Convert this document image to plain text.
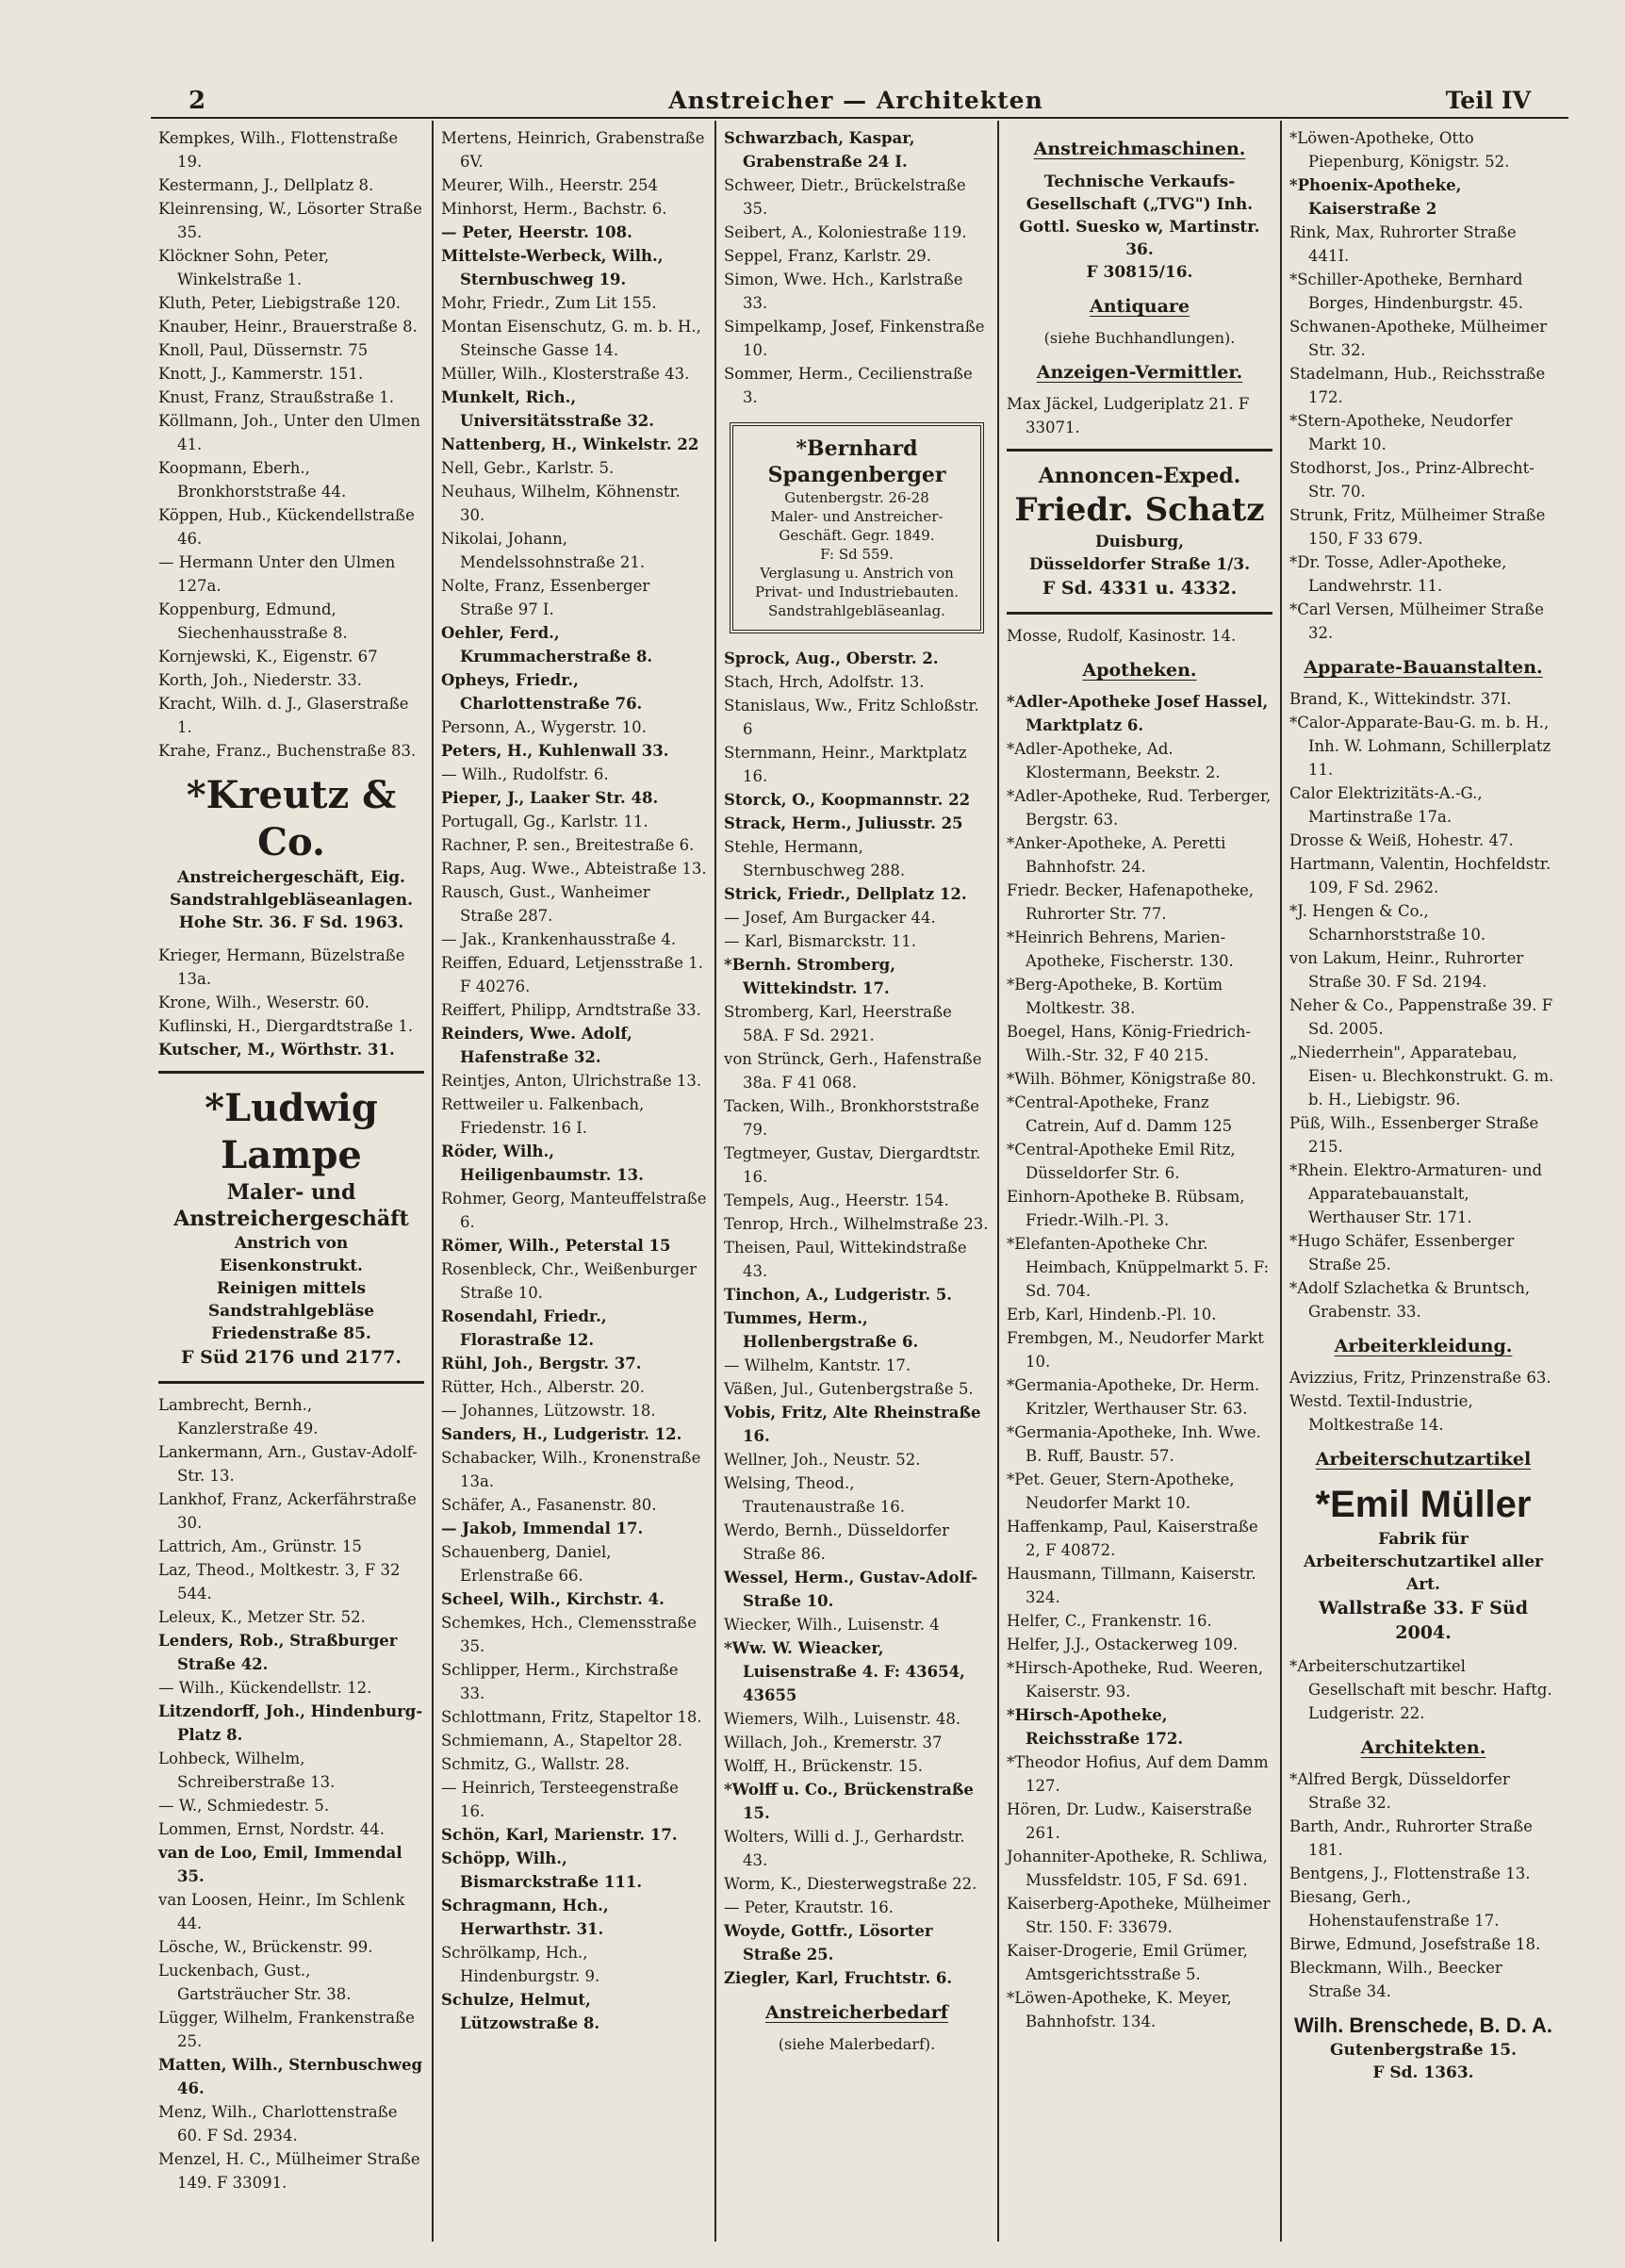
2	Anstreicher — Architekten	Teil IV

Kempkes, Wilh., Flottenstraße 19.

Kestermann, J., Dellplatz 8.

Kleinrensing, W., Lösorter Straße 35.

Klöckner Sohn, Peter, Winkelstraße 1.

Kluth, Peter, Liebigstraße 120.

Knauber, Heinr., Brauerstraße 8.

Knoll, Paul, Düssernstr. 75

Knott, J., Kammerstr. 151.

Knust, Franz, Straußstraße 1.

Köllmann, Joh., Unter den Ulmen 41.

Koopmann, Eberh., Bronkhorststraße 44.

Köppen, Hub., Kückendellstraße 46.

— Hermann Unter den Ulmen 127a.

Koppenburg, Edmund, Siechenhausstraße 8.

Kornjewski, K., Eigenstr. 67

Korth, Joh., Niederstr. 33.

Kracht, Wilh. d. J., Glaserstraße 1.

Krahe, Franz., Buchenstraße 83.

*Kreutz & Co.
Anstreichergeschäft, Eig.
Sandstrahlgebläseanlagen.
Hohe Str. 36. F Sd. 1963.

Krieger, Hermann, Büzelstraße 13a.

Krone, Wilh., Weserstr. 60.

Kuflinski, H., Diergardtstraße 1.

Kutscher, M., Wörthstr. 31.

*Ludwig Lampe
Maler- und
Anstreichergeschäft
Anstrich von Eisenkonstrukt.
Reinigen mittels Sandstrahlgebläse
Friedenstraße 85.
F Süd 2176 und 2177.

Lambrecht, Bernh., Kanzlerstraße 49.

Lankermann, Arn., Gustav-Adolf-Str. 13.

Lankhof, Franz, Ackerfährstraße 30.

Lattrich, Am., Grünstr. 15

Laz, Theod., Moltkestr. 3, F 32 544.

Leleux, K., Metzer Str. 52.

Lenders, Rob., Straßburger Straße 42.

— Wilh., Kückendellstr. 12.

Litzendorff, Joh., Hindenburg-Platz 8.

Lohbeck, Wilhelm, Schreiberstraße 13.

— W., Schmiedestr. 5.

Lommen, Ernst, Nordstr. 44.

van de Loo, Emil, Immendal 35.

van Loosen, Heinr., Im Schlenk 44.

Lösche, W., Brückenstr. 99.

Luckenbach, Gust., Gartsträucher Str. 38.

Lügger, Wilhelm, Frankenstraße 25.

Matten, Wilh., Sternbuschweg 46.

Menz, Wilh., Charlottenstraße 60. F Sd. 2934.

Menzel, H. C., Mülheimer Straße 149. F 33091.

Mertens, Heinrich, Grabenstraße 6V.

Meurer, Wilh., Heerstr. 254

Minhorst, Herm., Bachstr. 6.

— Peter, Heerstr. 108.

Mittelste-Werbeck, Wilh., Sternbuschweg 19.

Mohr, Friedr., Zum Lit 155.

Montan Eisenschutz, G. m. b. H., Steinsche Gasse 14.

Müller, Wilh., Klosterstraße 43.

Munkelt, Rich., Universitätsstraße 32.

Nattenberg, H., Winkelstr. 22

Nell, Gebr., Karlstr. 5.

Neuhaus, Wilhelm, Köhnenstr. 30.

Nikolai, Johann, Mendelssohnstraße 21.

Nolte, Franz, Essenberger Straße 97 I.

Oehler, Ferd., Krummacherstraße 8.

Opheys, Friedr., Charlottenstraße 76.

Personn, A., Wygerstr. 10.

Peters, H., Kuhlenwall 33.

— Wilh., Rudolfstr. 6.

Pieper, J., Laaker Str. 48.

Portugall, Gg., Karlstr. 11.

Rachner, P. sen., Breitestraße 6.

Raps, Aug. Wwe., Abteistraße 13.

Rausch, Gust., Wanheimer Straße 287.

— Jak., Krankenhausstraße 4.

Reiffen, Eduard, Letjensstraße 1. F 40276.

Reiffert, Philipp, Arndtstraße 33.

Reinders, Wwe. Adolf, Hafenstraße 32.

Reintjes, Anton, Ulrichstraße 13.

Rettweiler u. Falkenbach, Friedenstr. 16 I.

Röder, Wilh., Heiligenbaumstr. 13.

Rohmer, Georg, Manteuffelstraße 6.

Römer, Wilh., Peterstal 15

Rosenbleck, Chr., Weißenburger Straße 10.

Rosendahl, Friedr., Florastraße 12.

Rühl, Joh., Bergstr. 37.

Rütter, Hch., Alberstr. 20.

— Johannes, Lützowstr. 18.

Sanders, H., Ludgeristr. 12.

Schabacker, Wilh., Kronenstraße 13a.

Schäfer, A., Fasanenstr. 80.

— Jakob, Immendal 17.

Schauenberg, Daniel, Erlenstraße 66.

Scheel, Wilh., Kirchstr. 4.

Schemkes, Hch., Clemensstraße 35.

Schlipper, Herm., Kirchstraße 33.

Schlottmann, Fritz, Stapeltor 18.

Schmiemann, A., Stapeltor 28.

Schmitz, G., Wallstr. 28.

— Heinrich, Tersteegenstraße 16.

Schön, Karl, Marienstr. 17.

Schöpp, Wilh., Bismarckstraße 111.

Schragmann, Hch., Herwarthstr. 31.

Schrölkamp, Hch., Hindenburgstr. 9.

Schulze, Helmut, Lützowstraße 8.

Schwarzbach, Kaspar, Grabenstraße 24 I.

Schweer, Dietr., Brückelstraße 35.

Seibert, A., Koloniestraße 119.

Seppel, Franz, Karlstr. 29.

Simon, Wwe. Hch., Karlstraße 33.

Simpelkamp, Josef, Finkenstraße 10.

Sommer, Herm., Cecilienstraße 3.

*Bernhard
Spangenberger
Gutenbergstr. 26-28
Maler- und Anstreicher-Geschäft. Gegr. 1849.
F: Sd 559.
Verglasung u. Anstrich von Privat- und Industriebauten. Sandstrahlgebläseanlag.

Sprock, Aug., Oberstr. 2.

Stach, Hrch, Adolfstr. 13.

Stanislaus, Ww., Fritz Schloßstr. 6

Sternmann, Heinr., Marktplatz 16.

Storck, O., Koopmannstr. 22

Strack, Herm., Juliusstr. 25

Stehle, Hermann, Sternbuschweg 288.

Strick, Friedr., Dellplatz 12.

— Josef, Am Burgacker 44.

— Karl, Bismarckstr. 11.

*Bernh. Stromberg, Wittekindstr. 17.

Stromberg, Karl, Heerstraße 58A. F Sd. 2921.

von Strünck, Gerh., Hafenstraße 38a. F 41 068.

Tacken, Wilh., Bronkhorststraße 79.

Tegtmeyer, Gustav, Diergardtstr. 16.

Tempels, Aug., Heerstr. 154.

Tenrop, Hrch., Wilhelmstraße 23.

Theisen, Paul, Wittekindstraße 43.

Tinchon, A., Ludgeristr. 5.

Tummes, Herm., Hollenbergstraße 6.

— Wilhelm, Kantstr. 17.

Väßen, Jul., Gutenbergstraße 5.

Vobis, Fritz, Alte Rheinstraße 16.

Wellner, Joh., Neustr. 52.

Welsing, Theod., Trautenaustraße 16.

Werdo, Bernh., Düsseldorfer Straße 86.

Wessel, Herm., Gustav-Adolf-Straße 10.

Wiecker, Wilh., Luisenstr. 4

*Ww. W. Wieacker, Luisenstraße 4. F: 43654, 43655

Wiemers, Wilh., Luisenstr. 48.

Willach, Joh., Kremerstr. 37

Wolff, H., Brückenstr. 15.

*Wolff u. Co., Brückenstraße 15.

Wolters, Willi d. J., Gerhardstr. 43.

Worm, K., Diesterwegstraße 22.

— Peter, Krautstr. 16.

Woyde, Gottfr., Lösorter Straße 25.

Ziegler, Karl, Fruchtstr. 6.

Anstreicherbedarf
(siehe Malerbedarf).
Anstreichmaschinen.
Technische Verkaufs-Gesellschaft („TVG") Inh. Gottl. Suesko w, Martinstr. 36.
F 30815/16.
Antiquare
(siehe Buchhandlungen).
Anzeigen-Vermittler.

Max Jäckel, Ludgeriplatz 21. F 33071.

Annoncen-Exped.
Friedr. Schatz
Duisburg,
Düsseldorfer Straße 1/3.
F Sd. 4331 u. 4332.

Mosse, Rudolf, Kasinostr. 14.

Apotheken.

*Adler-Apotheke Josef Hassel, Marktplatz 6.

*Adler-Apotheke, Ad. Klostermann, Beekstr. 2.

*Adler-Apotheke, Rud. Terberger, Bergstr. 63.

*Anker-Apotheke, A. Peretti Bahnhofstr. 24.

Friedr. Becker, Hafenapotheke, Ruhrorter Str. 77.

*Heinrich Behrens, Marien-Apotheke, Fischerstr. 130.

*Berg-Apotheke, B. Kortüm Moltkestr. 38.

Boegel, Hans, König-Friedrich-Wilh.-Str. 32, F 40 215.

*Wilh. Böhmer, Königstraße 80.

*Central-Apotheke, Franz Catrein, Auf d. Damm 125

*Central-Apotheke Emil Ritz, Düsseldorfer Str. 6.

Einhorn-Apotheke B. Rübsam, Friedr.-Wilh.-Pl. 3.

*Elefanten-Apotheke Chr. Heimbach, Knüppelmarkt 5. F: Sd. 704.

Erb, Karl, Hindenb.-Pl. 10.

Frembgen, M., Neudorfer Markt 10.

*Germania-Apotheke, Dr. Herm. Kritzler, Werthauser Str. 63.

*Germania-Apotheke, Inh. Wwe. B. Ruff, Baustr. 57.

*Pet. Geuer, Stern-Apotheke, Neudorfer Markt 10.

Haffenkamp, Paul, Kaiserstraße 2, F 40872.

Hausmann, Tillmann, Kaiserstr. 324.

Helfer, C., Frankenstr. 16.

Helfer, J.J., Ostackerweg 109.

*Hirsch-Apotheke, Rud. Weeren, Kaiserstr. 93.

*Hirsch-Apotheke, Reichsstraße 172.

*Theodor Hofius, Auf dem Damm 127.

Hören, Dr. Ludw., Kaiserstraße 261.

Johanniter-Apotheke, R. Schliwa, Mussfeldstr. 105, F Sd. 691.

Kaiserberg-Apotheke, Mülheimer Str. 150. F: 33679.

Kaiser-Drogerie, Emil Grümer, Amtsgerichtsstraße 5.

*Löwen-Apotheke, K. Meyer, Bahnhofstr. 134.

*Löwen-Apotheke, Otto Piepenburg, Königstr. 52.

*Phoenix-Apotheke, Kaiserstraße 2

Rink, Max, Ruhrorter Straße 441I.

*Schiller-Apotheke, Bernhard Borges, Hindenburgstr. 45.

Schwanen-Apotheke, Mülheimer Str. 32.

Stadelmann, Hub., Reichsstraße 172.

*Stern-Apotheke, Neudorfer Markt 10.

Stodhorst, Jos., Prinz-Albrecht-Str. 70.

Strunk, Fritz, Mülheimer Straße 150, F 33 679.

*Dr. Tosse, Adler-Apotheke, Landwehrstr. 11.

*Carl Versen, Mülheimer Straße 32.

Apparate-Bauanstalten.

Brand, K., Wittekindstr. 37I.

*Calor-Apparate-Bau-G. m. b. H., Inh. W. Lohmann, Schillerplatz 11.

Calor Elektrizitäts-A.-G., Martinstraße 17a.

Drosse & Weiß, Hohestr. 47.

Hartmann, Valentin, Hochfeldstr. 109, F Sd. 2962.

*J. Hengen & Co., Scharnhorststraße 10.

von Lakum, Heinr., Ruhrorter Straße 30. F Sd. 2194.

Neher & Co., Pappenstraße 39. F Sd. 2005.

„Niederrhein", Apparatebau, Eisen- u. Blechkonstrukt. G. m. b. H., Liebigstr. 96.

Püß, Wilh., Essenberger Straße 215.

*Rhein. Elektro-Armaturen- und Apparatebauanstalt, Werthauser Str. 171.

*Hugo Schäfer, Essenberger Straße 25.

*Adolf Szlachetka & Bruntsch, Grabenstr. 33.

Arbeiterkleidung.

Avizzius, Fritz, Prinzenstraße 63.

Westd. Textil-Industrie, Moltkestraße 14.

Arbeiterschutzartikel
*Emil Müller
Fabrik für Arbeiterschutzartikel aller Art.
Wallstraße 33. F Süd 2004.

*Arbeiterschutzartikel Gesellschaft mit beschr. Haftg. Ludgeristr. 22.

Architekten.

*Alfred Bergk, Düsseldorfer Straße 32.

Barth, Andr., Ruhrorter Straße 181.

Bentgens, J., Flottenstraße 13.

Biesang, Gerh., Hohenstaufenstraße 17.

Birwe, Edmund, Josefstraße 18.

Bleckmann, Wilh., Beecker Straße 34.

Wilh. Brenschede, B. D. A.
Gutenbergstraße 15.
F Sd. 1363.
